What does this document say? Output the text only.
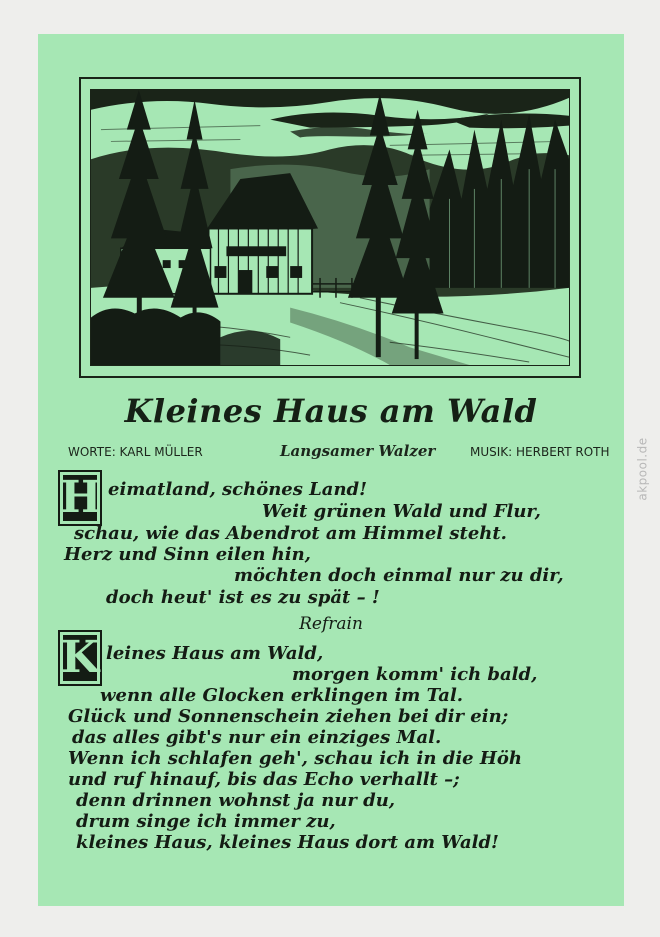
Kleines Haus am Wald
WORTE: KARL MÜLLER	Langsamer Walzer	MUSIK: HERBERT ROTH
H eimatland, schönes Land!
Weit grünen Wald und Flur,
schau, wie das Abendrot am Himmel steht.
Herz und Sinn eilen hin,
möchten doch einmal nur zu dir,
doch heut' ist es zu spät – !
Refrain
K leines Haus am Wald,
morgen komm' ich bald,
wenn alle Glocken erklingen im Tal.
Glück und Sonnenschein ziehen bei dir ein;
das alles gibt's nur ein einziges Mal.
Wenn ich schlafen geh', schau ich in die Höh
und ruf hinauf, bis das Echo verhallt –;
denn drinnen wohnst ja nur du,
drum singe ich immer zu,
kleines Haus, kleines Haus dort am Wald!
akpool.de
